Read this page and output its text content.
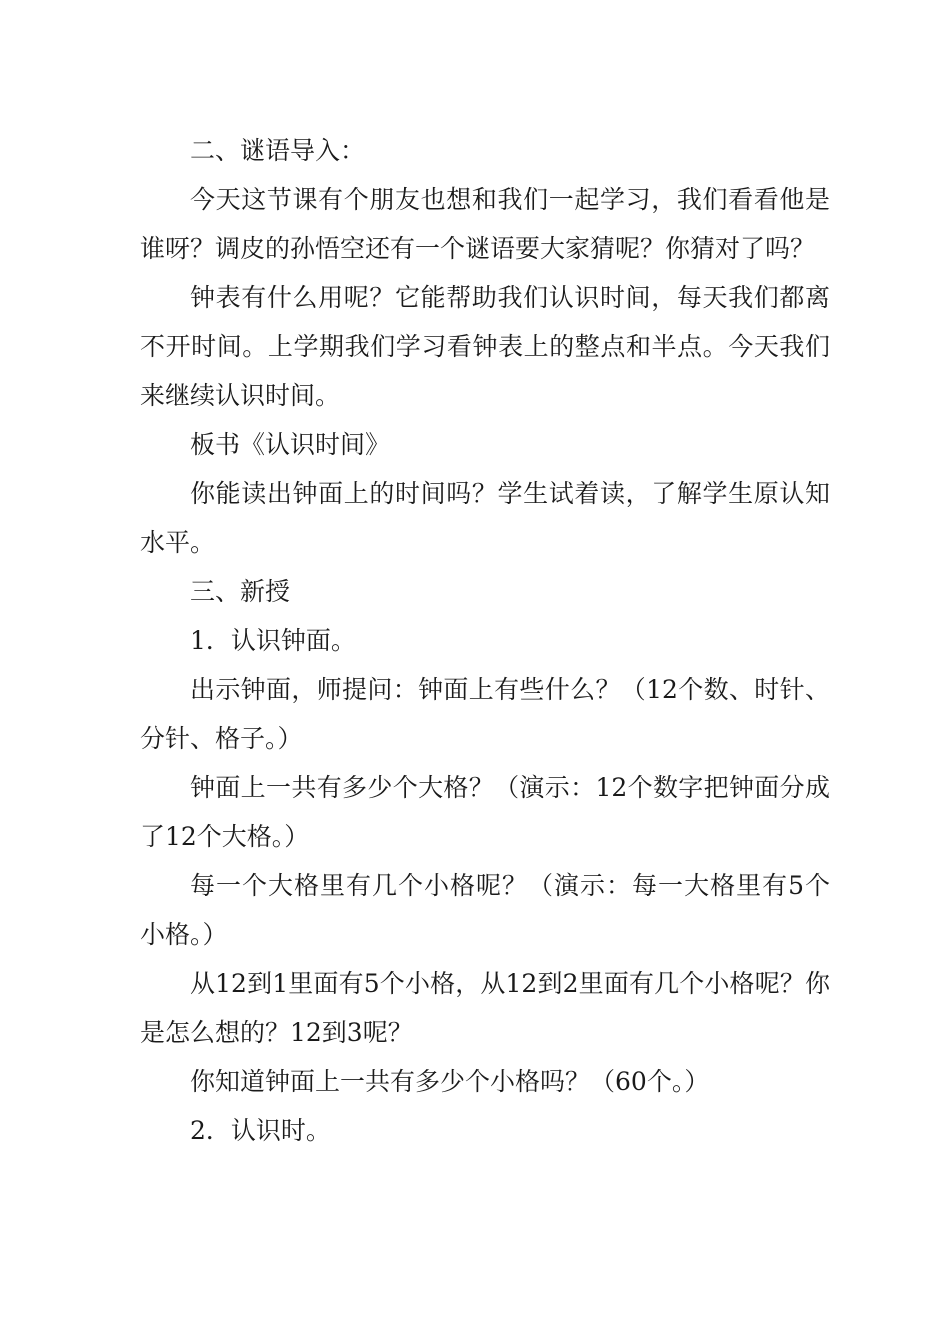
二、谜语导入：

今天这节课有个朋友也想和我们一起学习，我们看看他是谁呀？调皮的孙悟空还有一个谜语要大家猜呢？你猜对了吗？

钟表有什么用呢？它能帮助我们认识时间，每天我们都离不开时间。上学期我们学习看钟表上的整点和半点。今天我们来继续认识时间。

板书《认识时间》

你能读出钟面上的时间吗？学生试着读，了解学生原认知水平。

三、新授

1．认识钟面。

出示钟面，师提问：钟面上有些什么？（12个数、时针、分针、格子。）

钟面上一共有多少个大格？（演示：12个数字把钟面分成了12个大格。）

每一个大格里有几个小格呢？（演示：每一大格里有5个小格。）

从12到1里面有5个小格，从12到2里面有几个小格呢？你是怎么想的？12到3呢？

你知道钟面上一共有多少个小格吗？（60个。）

2．认识时。
